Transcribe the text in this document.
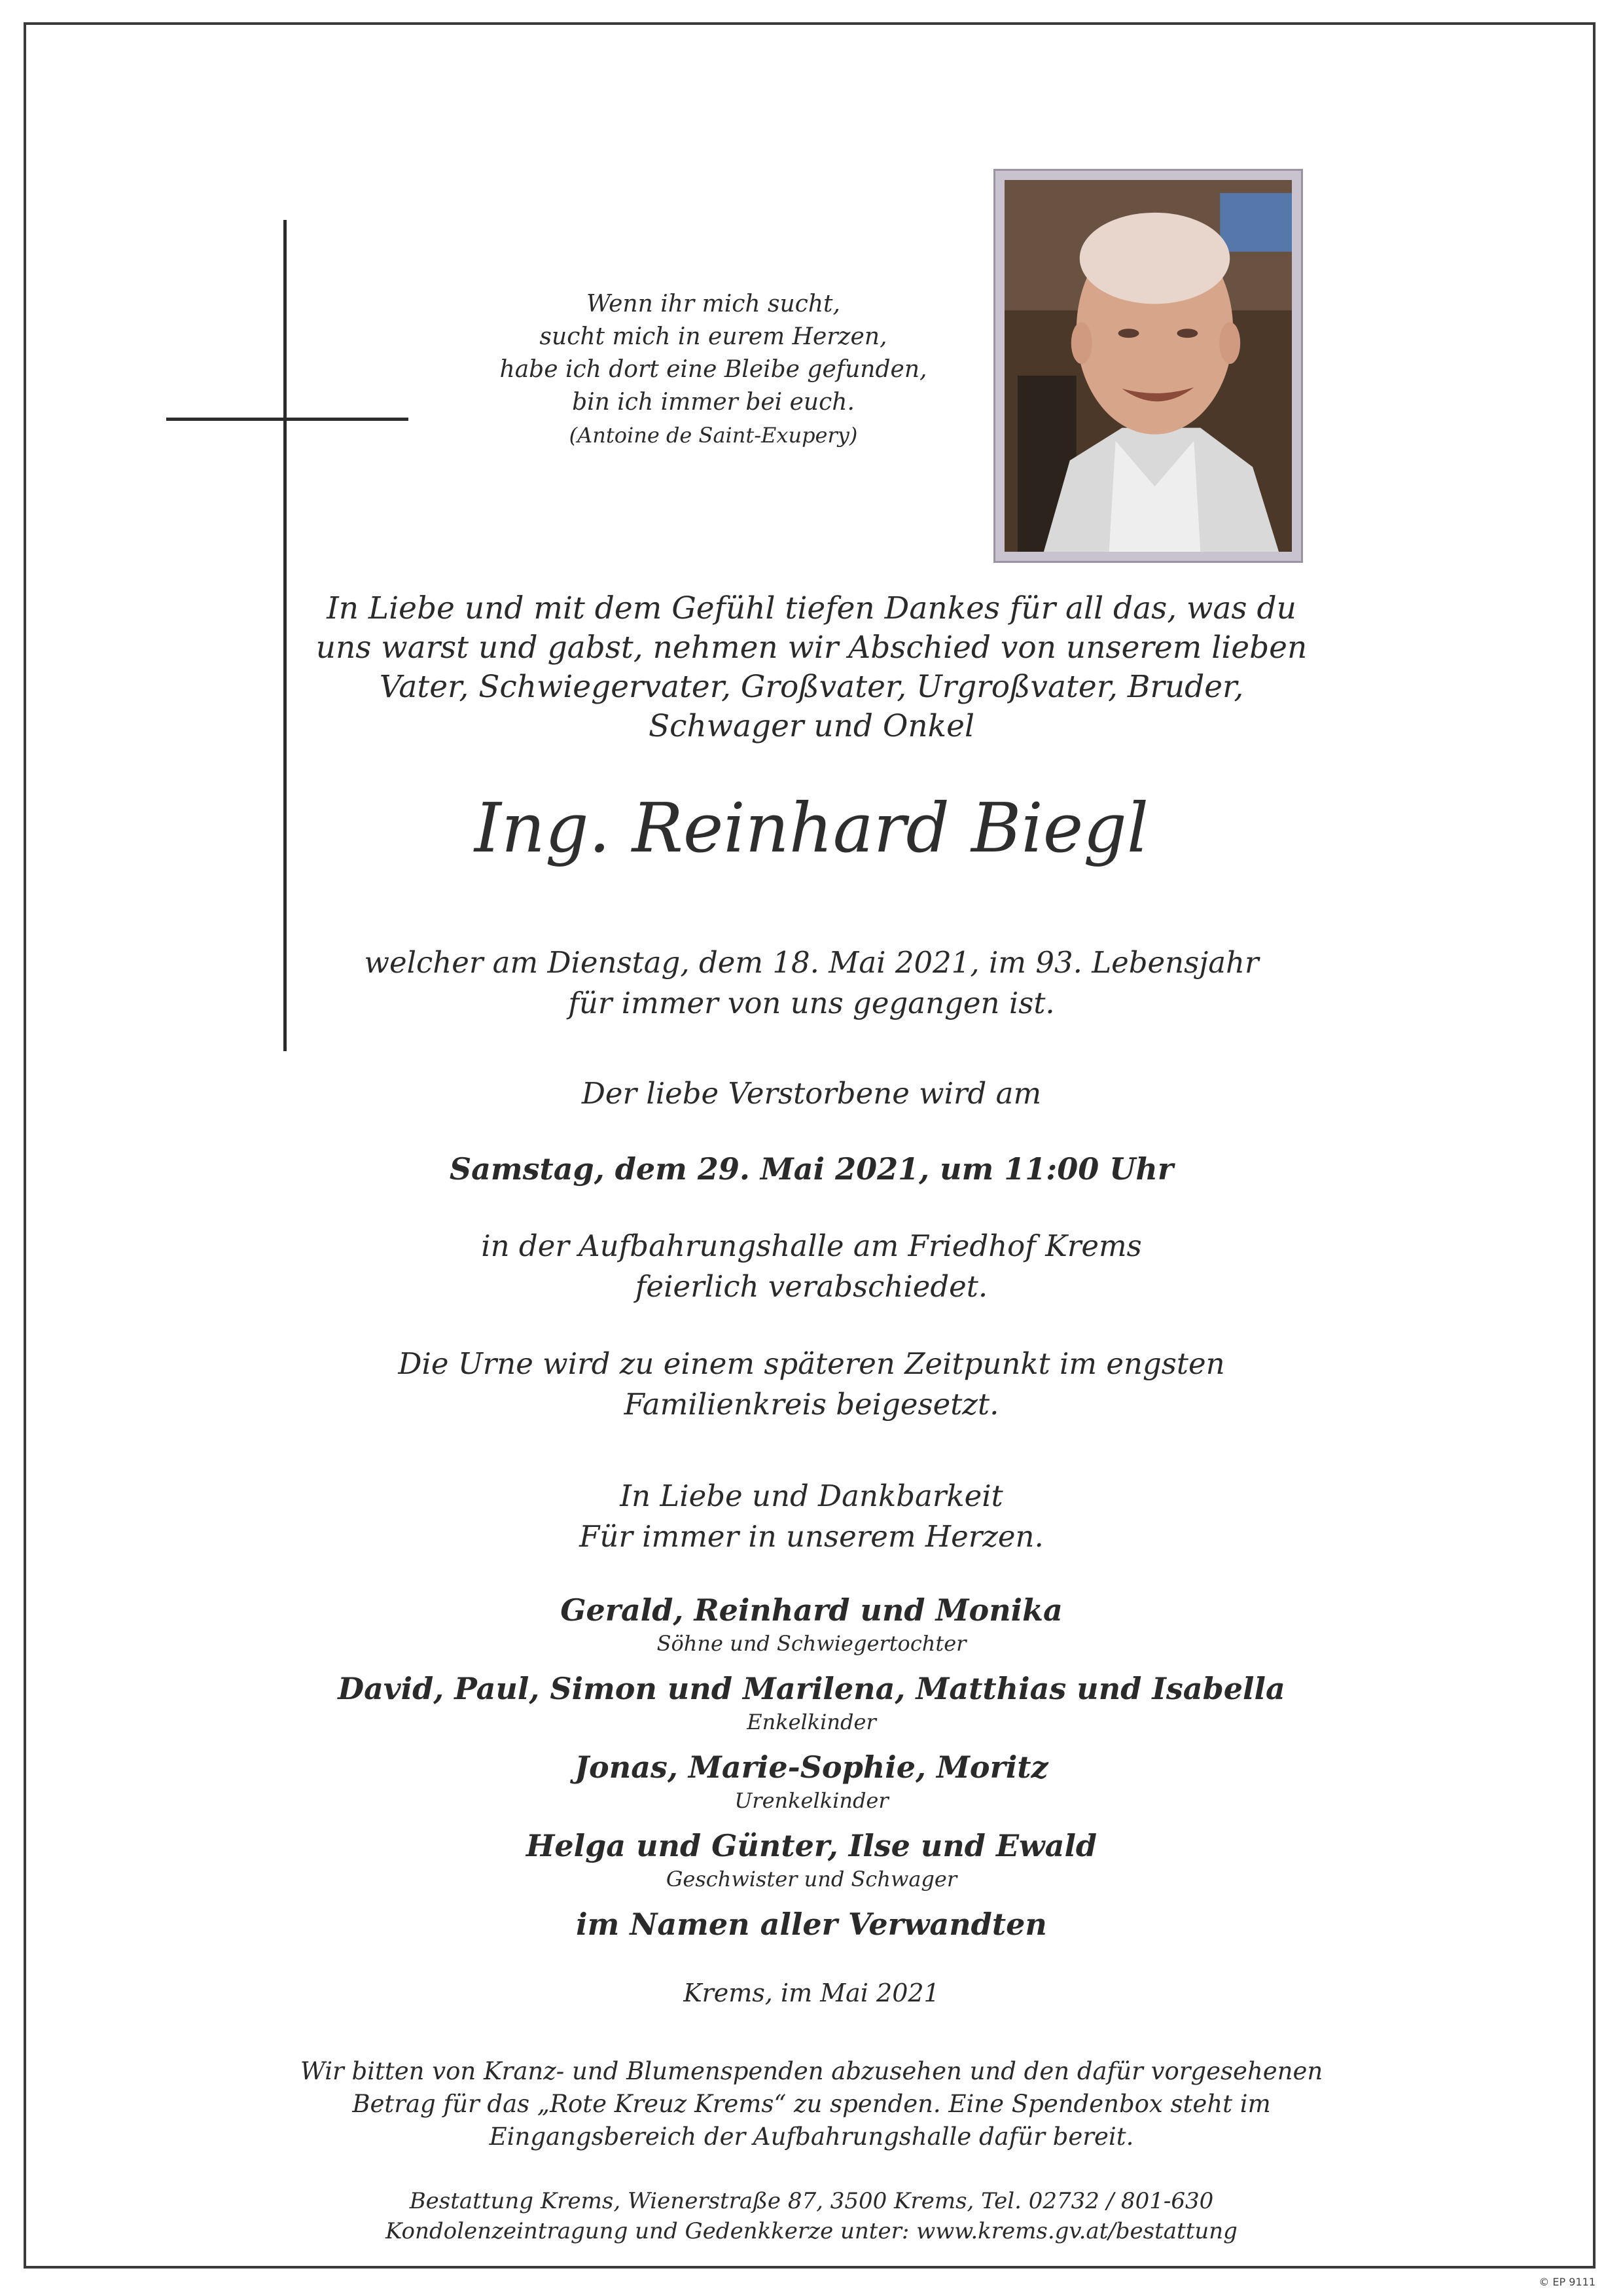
Wenn ihr mich sucht,
sucht mich in eurem Herzen,
habe ich dort eine Bleibe gefunden,
bin ich immer bei euch.
(Antoine de Saint-Exupery)
In Liebe und mit dem Gefühl tiefen Dankes für all das, was du
uns warst und gabst, nehmen wir Abschied von unserem lieben
Vater, Schwiegervater, Großvater, Urgroßvater, Bruder,
Schwager und Onkel
Ing. Reinhard Biegl
welcher am Dienstag, dem 18. Mai 2021, im 93. Lebensjahr
für immer von uns gegangen ist.
Der liebe Verstorbene wird am
Samstag, dem 29. Mai 2021, um 11:00 Uhr
in der Aufbahrungshalle am Friedhof Krems
feierlich verabschiedet.
Die Urne wird zu einem späteren Zeitpunkt im engsten
Familienkreis beigesetzt.
In Liebe und Dankbarkeit
Für immer in unserem Herzen.
Gerald, Reinhard und Monika
Söhne und Schwiegertochter
David, Paul, Simon und Marilena, Matthias und Isabella
Enkelkinder
Jonas, Marie-Sophie, Moritz
Urenkelkinder
Helga und Günter, Ilse und Ewald
Geschwister und Schwager
im Namen aller Verwandten
Krems, im Mai 2021
Wir bitten von Kranz- und Blumenspenden abzusehen und den dafür vorgesehenen
Betrag für das „Rote Kreuz Krems“ zu spenden. Eine Spendenbox steht im
Eingangsbereich der Aufbahrungshalle dafür bereit.
Bestattung Krems, Wienerstraße 87, 3500 Krems, Tel. 02732 / 801-630
Kondolenzeintragung und Gedenkkerze unter: www.krems.gv.at/bestattung
© EP 9111
